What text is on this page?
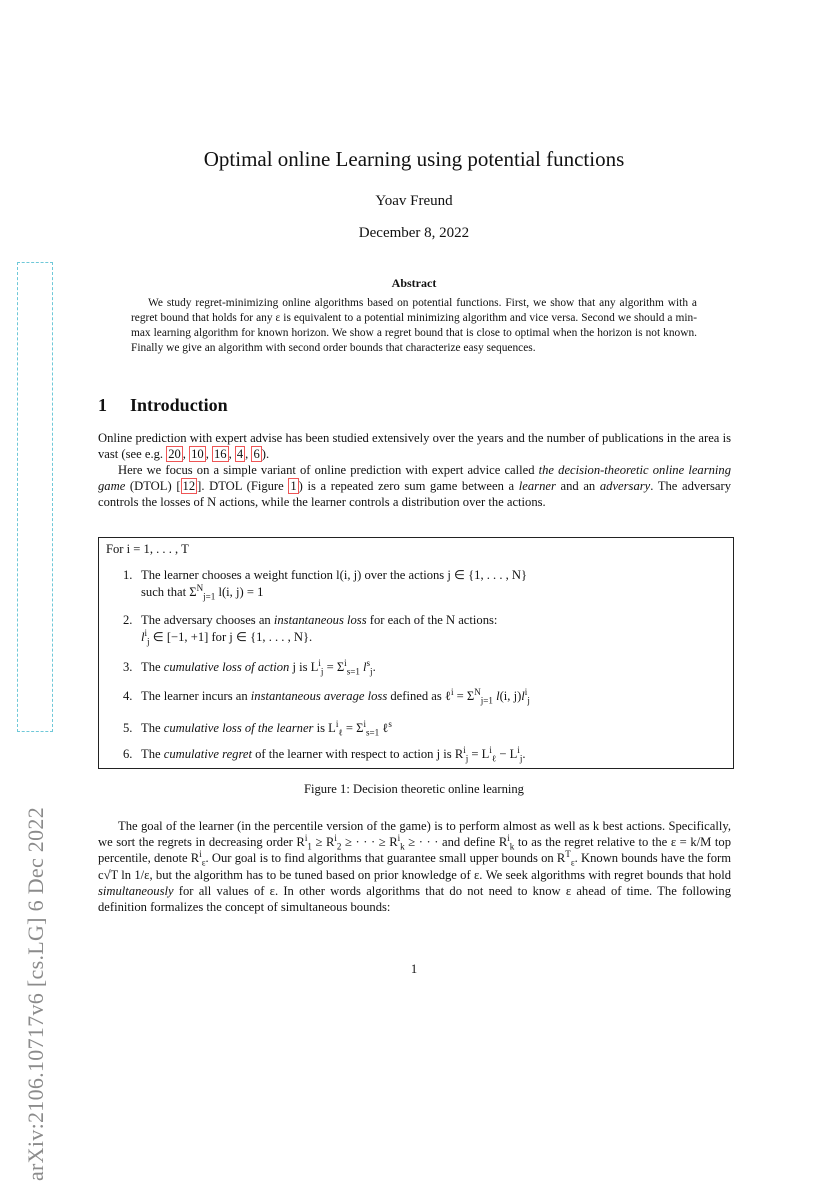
arXiv:2106.10717v6 [cs.LG] 6 Dec 2022
Optimal online Learning using potential functions
Yoav Freund
December 8, 2022
Abstract
We study regret-minimizing online algorithms based on potential functions. First, we show that any algorithm with a regret bound that holds for any ε is equivalent to a potential minimizing algorithm and vice versa. Second we should a min-max learning algorithm for known horizon. We show a regret bound that is close to optimal when the horizon is not known. Finally we give an algorithm with second order bounds that characterize easy sequences.
1 Introduction
Online prediction with expert advise has been studied extensively over the years and the number of publications in the area is vast (see e.g. 20 , 10 , 16 , 4 , 6 ).
Here we focus on a simple variant of online prediction with expert advice called the decision-theoretic online learning game (DTOL) [ 12 ]. DTOL (Figure 1 ) is a repeated zero sum game between a learner and an adversary. The adversary controls the losses of N actions, while the learner controls a distribution over the actions.
For i = 1, . . . , T
1. The learner chooses a weight function l(i, j) over the actions j ∈ {1, . . . , N}
such that $\Sigma^N_{j=1}$ l(i, j) = 1
2. The adversary chooses an instantaneous loss for each of the N actions:
$l^i_j$ ∈ [−1, +1] for j ∈ {1, . . . , N}.
3. The cumulative loss of action j is $L^i_j = \Sigma^i_{s=1}$ $l^s_j$.
4. The learner incurs an instantaneous average loss defined as ℓ$^i$ = $\Sigma^N_{j=1}$ l(i, $j)l^i_j$
5. The cumulative loss of the learner is $L^i_\ell = \Sigma^i_{s=1}$ ℓ$^s$
6. The cumulative regret of the learner with respect to action j is $R^i_j = L^i_\ell - L^i_j$.
Figure 1: Decision theoretic online learning
The goal of the learner (in the percentile version of the game) is to perform almost as well as k best actions. Specifically, we sort the regrets in decreasing order $R^i_1 \ge R^i_2$ ≥ · · · ≥ $R^i_k$ ≥ · · · and define $R^i_k$ to as the regret relative to the ε = k/M top percentile, denote $R^i_\varepsilon$. Our goal is to find algorithms that guarantee small upper bounds on $R^T_\varepsilon$. Known bounds have the form c√T ln 1/ε, but the algorithm has to be tuned based on prior knowledge of ε. We seek algorithms with regret bounds that hold simultaneously for all values of ε. In other words algorithms that do not need to know ε ahead of time. The following definition formalizes the concept of simultaneous bounds:
1
